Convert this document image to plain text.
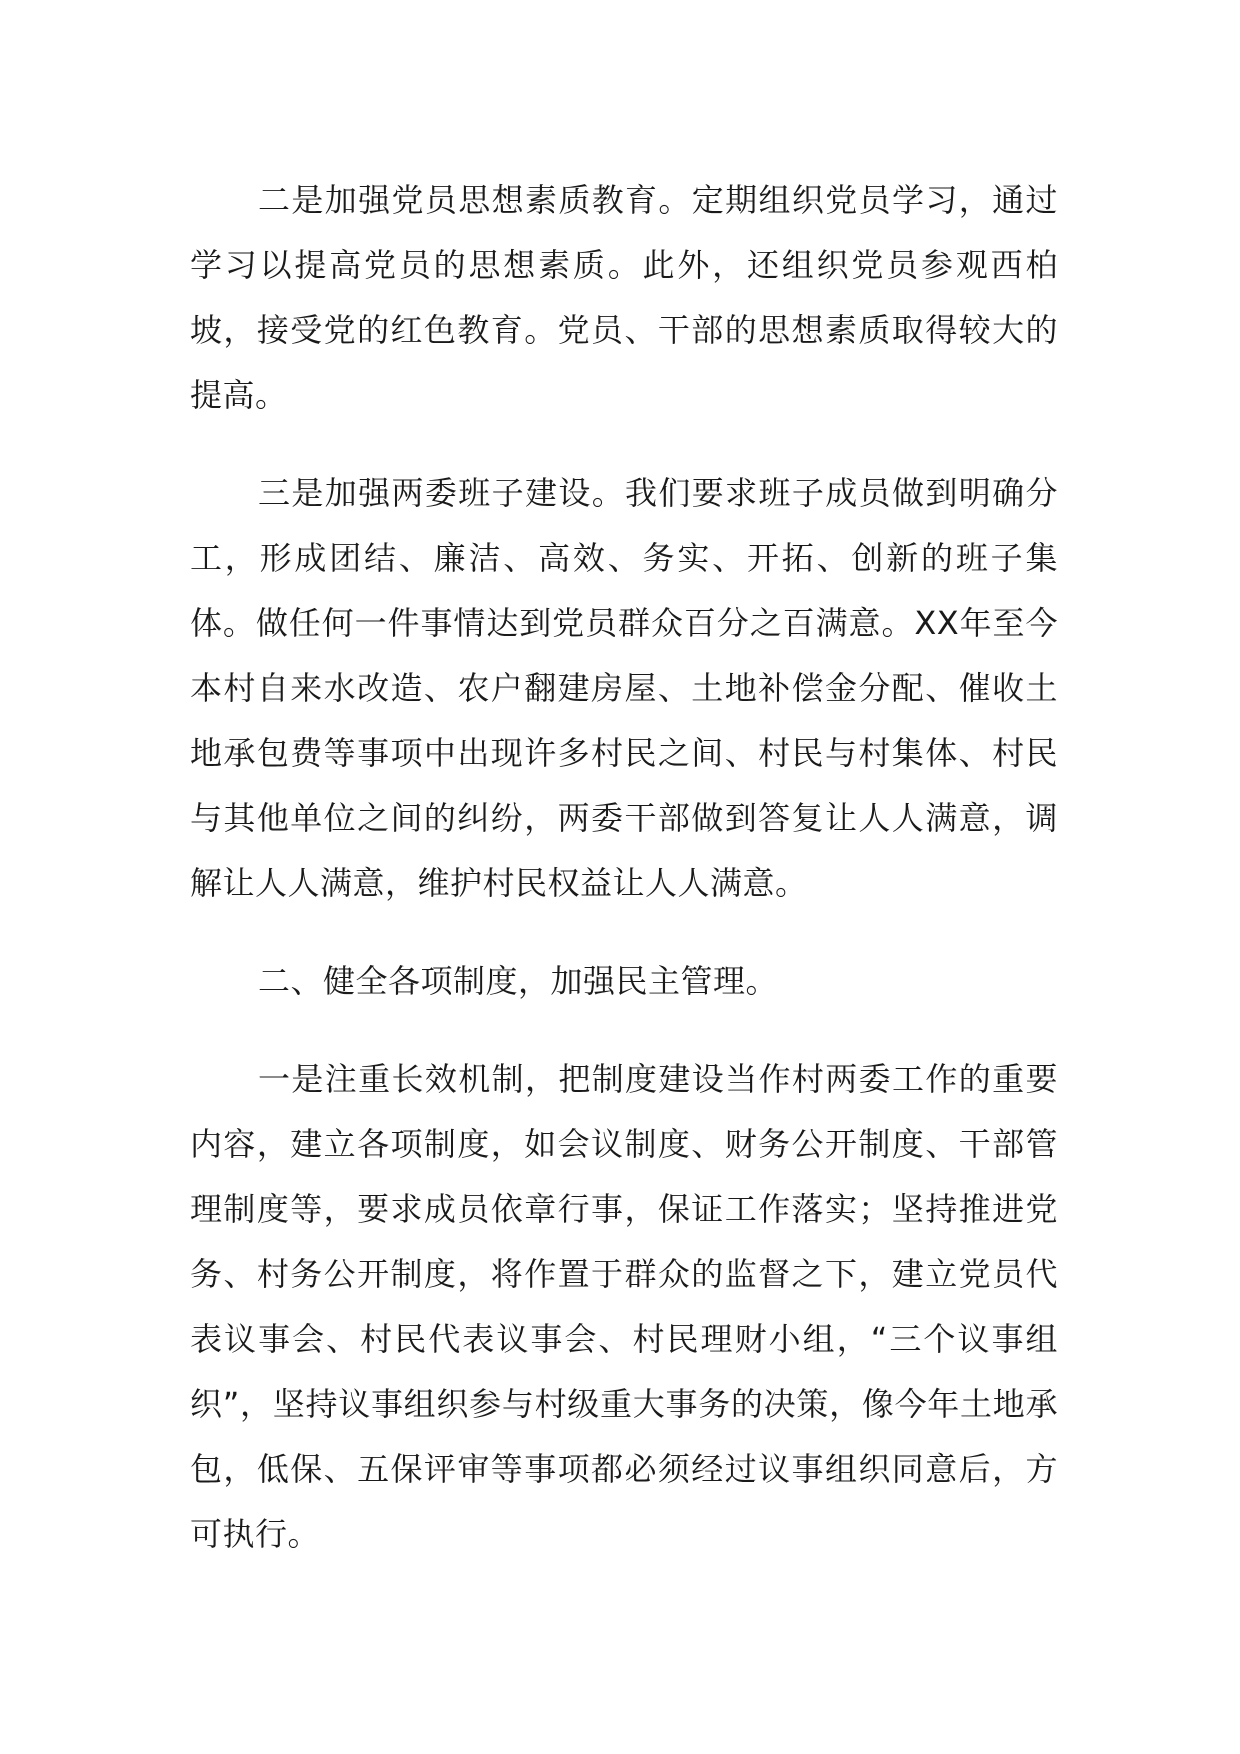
二是加强党员思想素质教育。定期组织党员学习，通过学习以提高党员的思想素质。此外，还组织党员参观西柏坡，接受党的红色教育。党员、干部的思想素质取得较大的提高。

三是加强两委班子建设。我们要求班子成员做到明确分工，形成团结、廉洁、高效、务实、开拓、创新的班子集体。做任何一件事情达到党员群众百分之百满意。XX年至今本村自来水改造、农户翻建房屋、土地补偿金分配、催收土地承包费等事项中出现许多村民之间、村民与村集体、村民与其他单位之间的纠纷，两委干部做到答复让人人满意，调解让人人满意，维护村民权益让人人满意。

二、健全各项制度，加强民主管理。

一是注重长效机制，把制度建设当作村两委工作的重要内容，建立各项制度，如会议制度、财务公开制度、干部管理制度等，要求成员依章行事，保证工作落实；坚持推进党务、村务公开制度，将作置于群众的监督之下，建立党员代表议事会、村民代表议事会、村民理财小组，“三个议事组织”，坚持议事组织参与村级重大事务的决策，像今年土地承包，低保、五保评审等事项都必须经过议事组织同意后，方可执行。
